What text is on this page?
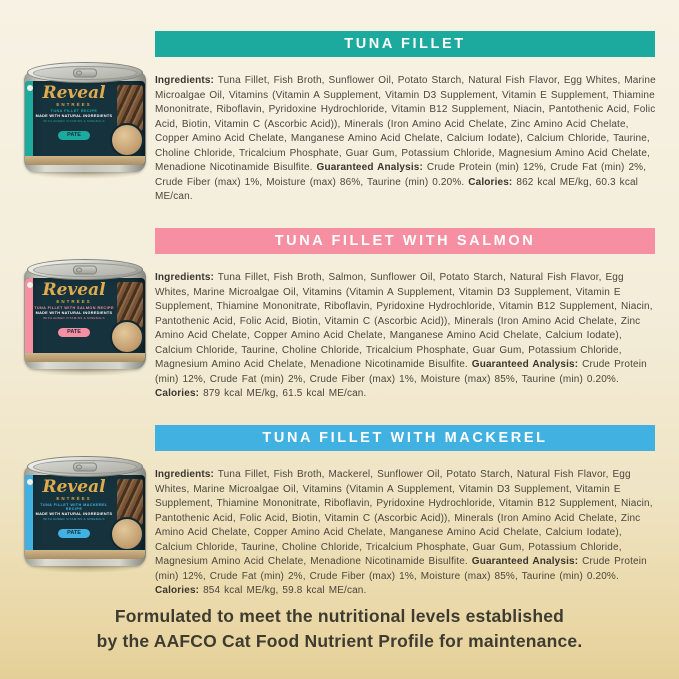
Reveal
ENTRÉES
TUNA FILLET RECIPE
MADE WITH NATURAL INGREDIENTS
WITH ADDED VITAMINS & MINERALS
PATE
TUNA FILLET

Ingredients: Tuna Fillet, Fish Broth, Sunflower Oil, Potato Starch, Natural Fish Flavor, Egg Whites, Marine Microalgae Oil, Vitamins (Vitamin A Supplement, Vitamin D3 Supplement, Vitamin E Supplement, Thiamine Mononitrate, Riboflavin, Pyridoxine Hydrochloride, Vitamin B12 Supplement, Niacin, Pantothenic Acid, Folic Acid, Biotin, Vitamin C (Ascorbic Acid)), Minerals (Iron Amino Acid Chelate, Zinc Amino Acid Chelate, Copper Amino Acid Chelate, Manganese Amino Acid Chelate, Calcium Iodate), Calcium Chloride, Taurine, Choline Chloride, Tricalcium Phosphate, Guar Gum, Potassium Chloride, Magnesium Amino Acid Chelate, Menadione Nicotinamide Bisulfite. Guaranteed Analysis: Crude Protein (min) 12%, Crude Fat (min) 2%, Crude Fiber (max) 1%, Moisture (max) 86%, Taurine (min) 0.20%. Calories: 862 kcal ME/kg, 60.3 kcal ME/can.

Reveal
ENTRÉES
TUNA FILLET WITH SALMON RECIPE
MADE WITH NATURAL INGREDIENTS
WITH ADDED VITAMINS & MINERALS
PATE
TUNA FILLET WITH SALMON

Ingredients: Tuna Fillet, Fish Broth, Salmon, Sunflower Oil, Potato Starch, Natural Fish Flavor, Egg Whites, Marine Microalgae Oil, Vitamins (Vitamin A Supplement, Vitamin D3 Supplement, Vitamin E Supplement, Thiamine Mononitrate, Riboflavin, Pyridoxine Hydrochloride, Vitamin B12 Supplement, Niacin, Pantothenic Acid, Folic Acid, Biotin, Vitamin C (Ascorbic Acid)), Minerals (Iron Amino Acid Chelate, Zinc Amino Acid Chelate, Copper Amino Acid Chelate, Manganese Amino Acid Chelate, Calcium Iodate), Calcium Chloride, Taurine, Choline Chloride, Tricalcium Phosphate, Guar Gum, Potassium Chloride, Magnesium Amino Acid Chelate, Menadione Nicotinamide Bisulfite. Guaranteed Analysis: Crude Protein (min) 12%, Crude Fat (min) 2%, Crude Fiber (max) 1%, Moisture (max) 85%, Taurine (min) 0.20%. Calories: 879 kcal ME/kg, 61.5 kcal ME/can.

Reveal
ENTRÉES
TUNA FILLET WITH MACKEREL RECIPE
MADE WITH NATURAL INGREDIENTS
WITH ADDED VITAMINS & MINERALS
PATE
TUNA FILLET WITH MACKEREL

Ingredients: Tuna Fillet, Fish Broth, Mackerel, Sunflower Oil, Potato Starch, Natural Fish Flavor, Egg Whites, Marine Microalgae Oil, Vitamins (Vitamin A Supplement, Vitamin D3 Supplement, Vitamin E Supplement, Thiamine Mononitrate, Riboflavin, Pyridoxine Hydrochloride, Vitamin B12 Supplement, Niacin, Pantothenic Acid, Folic Acid, Biotin, Vitamin C (Ascorbic Acid)), Minerals (Iron Amino Acid Chelate, Zinc Amino Acid Chelate, Copper Amino Acid Chelate, Manganese Amino Acid Chelate, Calcium Iodate), Calcium Chloride, Taurine, Choline Chloride, Tricalcium Phosphate, Guar Gum, Potassium Chloride, Magnesium Amino Acid Chelate, Menadione Nicotinamide Bisulfite. Guaranteed Analysis: Crude Protein (min) 12%, Crude Fat (min) 2%, Crude Fiber (max) 1%, Moisture (max) 85%, Taurine (min) 0.20%. Calories: 854 kcal ME/kg, 59.8 kcal ME/can.

Formulated to meet the nutritional levels established
by the AAFCO Cat Food Nutrient Profile for maintenance.
